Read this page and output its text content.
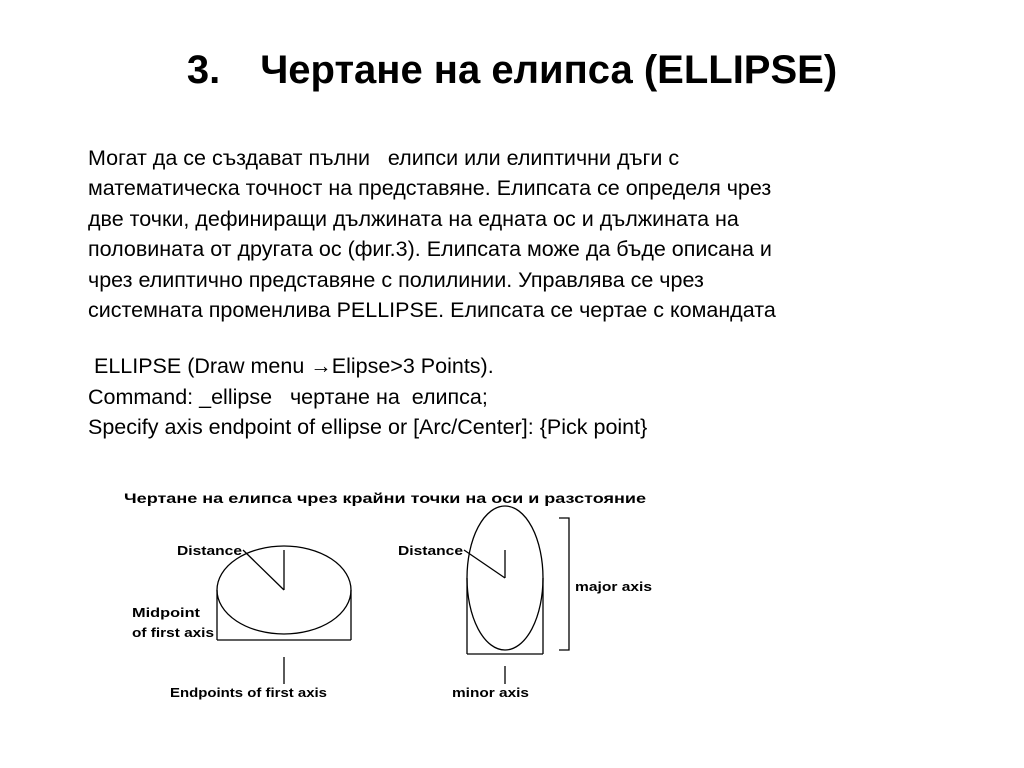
3. Чертане на елипса (ELLIPSE)

Могат да се създават пълни   елипси или елиптични дъги с

математическа точност на представяне. Елипсата се определя чрез

две точки, дефиниращи дължината на едната ос и дължината на

половината от другата ос (фиг.3). Елипсата може да бъде описана и

чрез елиптично представяне с полилинии. Управлява се чрез

системната променлива PELLIPSE. Елипсата се чертае с командата

ELLIPSE (Draw menu →Elipse>3 Points).

Command: _ellipse   чертане на  елипса;

Specify axis endpoint of ellipse or [Arc/Center]: {Pick point}

Чертане на елипса чрез крайни точки на оси и разстояние
Distance
Midpoint
of first axis
Endpoints of first axis
Distance
major axis
minor axis
